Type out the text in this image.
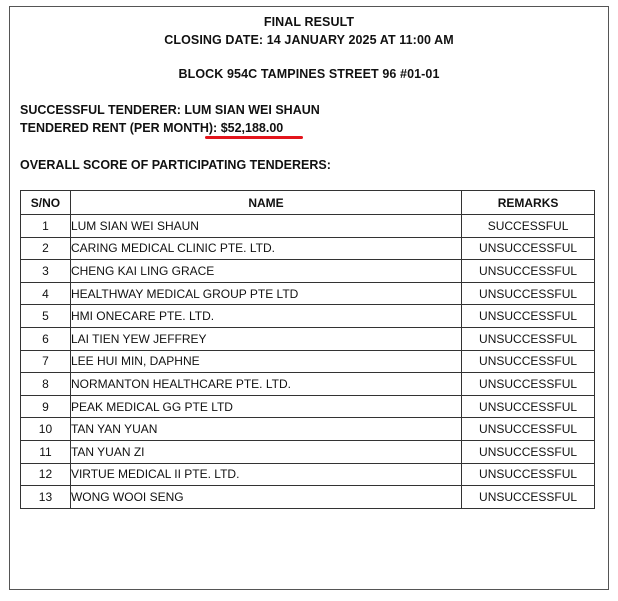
FINAL RESULT
CLOSING DATE: 14 JANUARY 2025 AT 11:00 AM
BLOCK 954C TAMPINES STREET 96 #01-01
SUCCESSFUL TENDERER: LUM SIAN WEI SHAUN
TENDERED RENT (PER MONTH): $52,188.00
OVERALL SCORE OF PARTICIPATING TENDERERS:
S/NO	NAME	REMARKS
1	LUM SIAN WEI SHAUN	SUCCESSFUL
2	CARING MEDICAL CLINIC PTE. LTD.	UNSUCCESSFUL
3	CHENG KAI LING GRACE	UNSUCCESSFUL
4	HEALTHWAY MEDICAL GROUP PTE LTD	UNSUCCESSFUL
5	HMI ONECARE PTE. LTD.	UNSUCCESSFUL
6	LAI TIEN YEW JEFFREY	UNSUCCESSFUL
7	LEE HUI MIN, DAPHNE	UNSUCCESSFUL
8	NORMANTON HEALTHCARE PTE. LTD.	UNSUCCESSFUL
9	PEAK MEDICAL GG PTE LTD	UNSUCCESSFUL
10	TAN YAN YUAN	UNSUCCESSFUL
11	TAN YUAN ZI	UNSUCCESSFUL
12	VIRTUE MEDICAL II PTE. LTD.	UNSUCCESSFUL
13	WONG WOOI SENG	UNSUCCESSFUL
